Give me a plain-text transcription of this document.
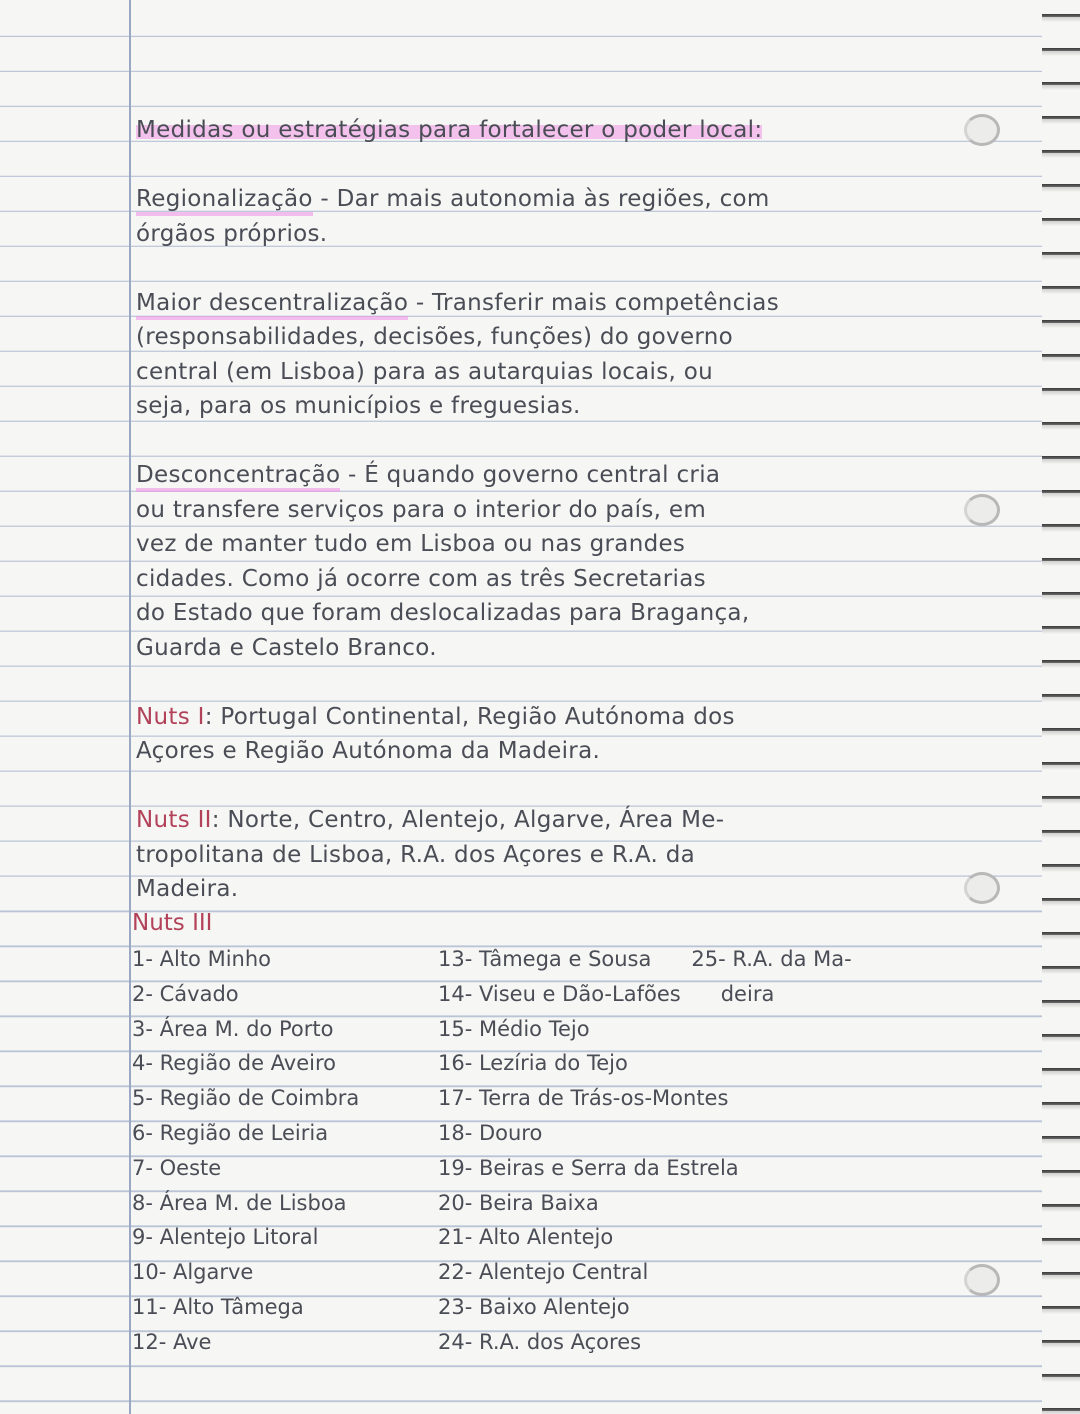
Medidas ou estratégias para fortalecer o poder local:
Regionalização - Dar mais autonomia às regiões, com
órgãos próprios.
Maior descentralização - Transferir mais competências
(responsabilidades, decisões, funções) do governo
central (em Lisboa) para as autarquias locais, ou
seja, para os municípios e freguesias.
Desconcentração - É quando governo central cria
ou transfere serviços para o interior do país, em
vez de manter tudo em Lisboa ou nas grandes
cidades. Como já ocorre com as três Secretarias
do Estado que foram deslocalizadas para Bragança,
Guarda e Castelo Branco.
Nuts I: Portugal Continental, Região Autónoma dos
Açores e Região Autónoma da Madeira.
Nuts II: Norte, Centro, Alentejo, Algarve, Área Me-
tropolitana de Lisboa, R.A. dos Açores e R.A. da
Madeira.
Nuts III
1- Alto Minho
2- Cávado
3- Área M. do Porto
4- Região de Aveiro
5- Região de Coimbra
6- Região de Leiria
7- Oeste
8- Área M. de Lisboa
9- Alentejo Litoral
10- Algarve
11- Alto Tâmega
12- Ave
13- Tâmega e Sousa      25- R.A. da Ma-
14- Viseu e Dão-Lafões      deira
15- Médio Tejo
16- Lezíria do Tejo
17- Terra de Trás-os-Montes
18- Douro
19- Beiras e Serra da Estrela
20- Beira Baixa
21- Alto Alentejo
22- Alentejo Central
23- Baixo Alentejo
24- R.A. dos Açores
